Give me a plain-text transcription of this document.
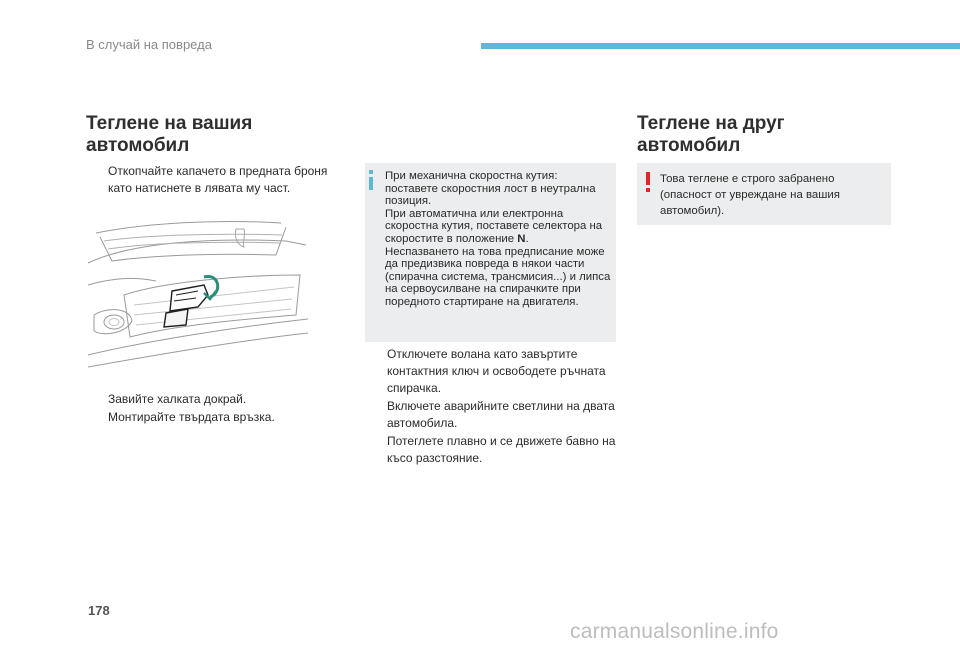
В случай на повреда
Теглене на вашия
автомобил
Откопчайте капачето в предната броня като натиснете в лявата му част.
Завийте халката докрай.
Монтирайте твърдата връзка.

При механична скоростна кутия: поставете скоростния лост в неутрална позиция.

При автоматична или електронна скоростна кутия, поставете селектора на скоростите в положение N.

Неспазването на това предписание може да предизвика повреда в някои части (спирачна система, трансмисия...) и липса на сервоусилване на спирачките при поредното стартиране на двигателя.

Отключете волана като завъртите контактния ключ и освободете ръчната спирачка.
Включете аварийните светлини на двата автомобила.
Потеглете плавно и се движете бавно на късо разстояние.
Теглене на друг
автомобил

Това теглене е строго забранено (опасност от увреждане на вашия автомобил).

178
carmanualsonline.info
